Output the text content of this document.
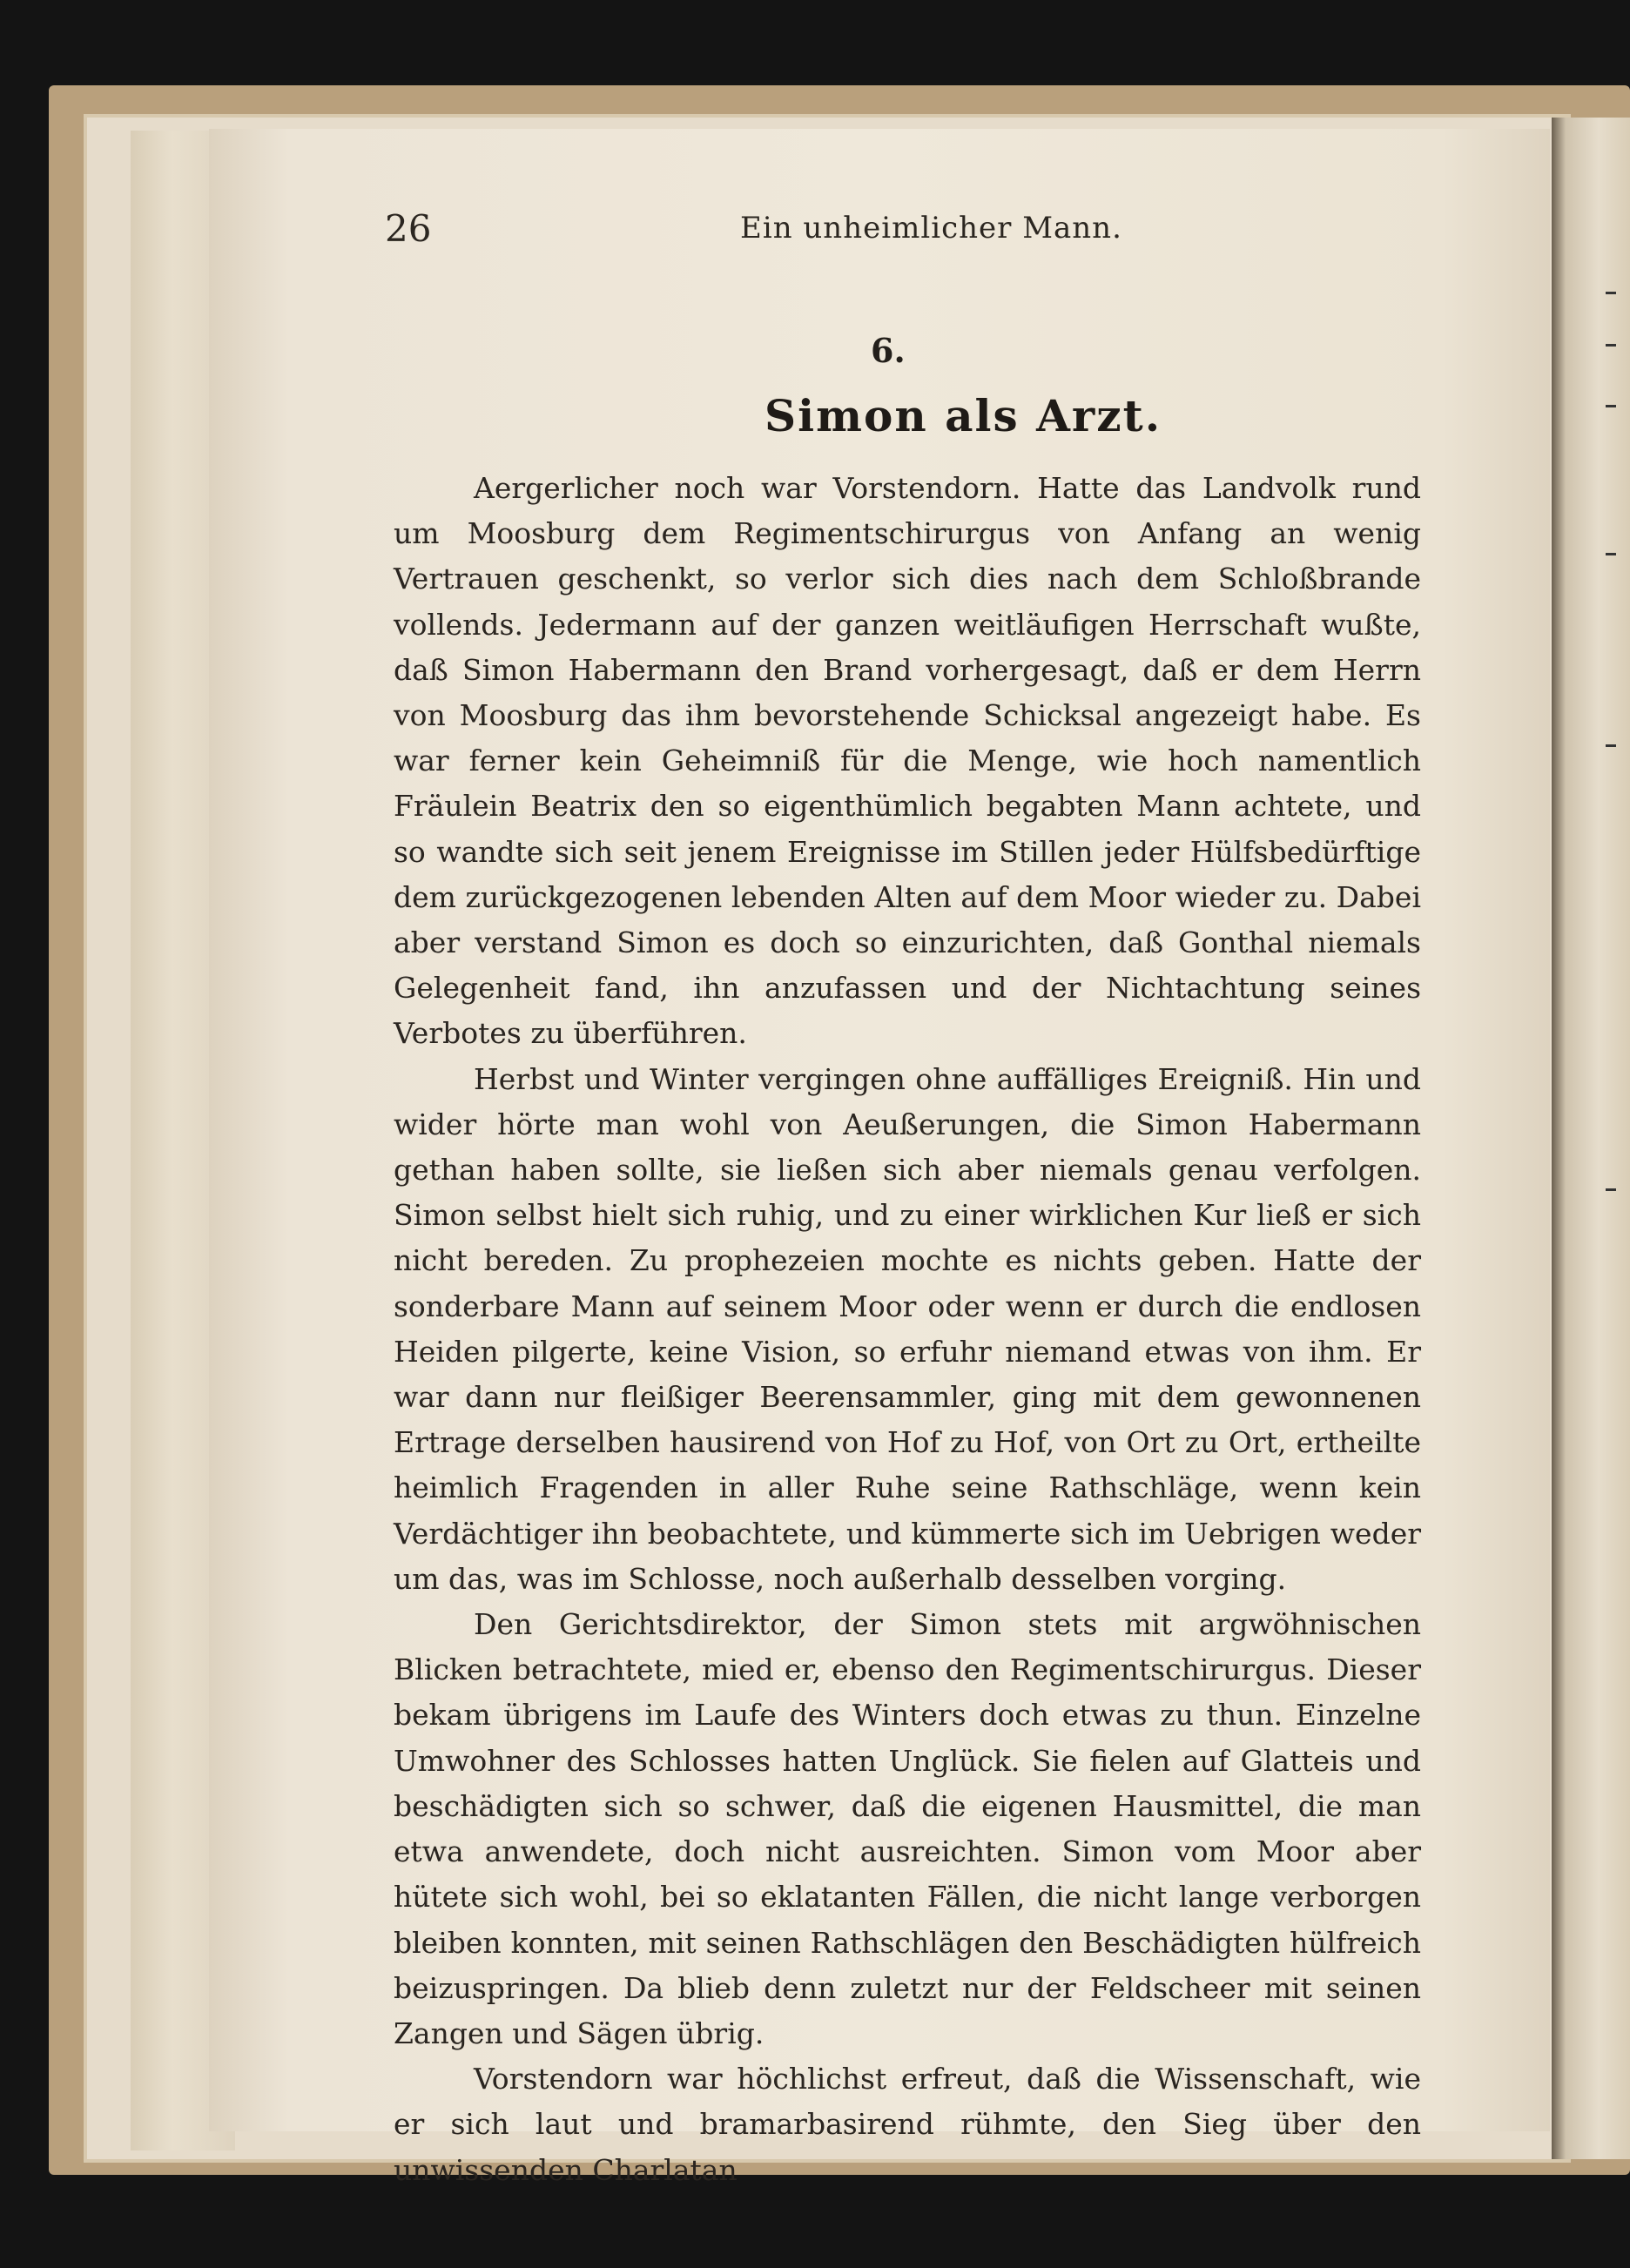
26	Ein unheimlicher Mann.
6.
Simon als Arzt.

Aergerlicher noch war Vorstendorn. Hatte das Landvolk rund um Moosburg dem Regimentschirurgus von Anfang an wenig Vertrauen geschenkt, so verlor sich dies nach dem Schloßbrande vollends. Jedermann auf der ganzen weitläufigen Herrschaft wußte, daß Simon Habermann den Brand vorhergesagt, daß er dem Herrn von Moosburg das ihm bevorstehende Schicksal angezeigt habe. Es war ferner kein Geheimniß für die Menge, wie hoch namentlich Fräulein Beatrix den so eigenthümlich begabten Mann achtete, und so wandte sich seit jenem Ereignisse im Stillen jeder Hülfsbedürftige dem zurückgezogenen lebenden Alten auf dem Moor wieder zu. Dabei aber verstand Simon es doch so einzurichten, daß Gonthal niemals Gelegenheit fand, ihn anzufassen und der Nichtachtung seines Verbotes zu überführen.

Herbst und Winter vergingen ohne auffälliges Ereigniß. Hin und wider hörte man wohl von Aeußerungen, die Simon Habermann gethan haben sollte, sie ließen sich aber niemals genau verfolgen. Simon selbst hielt sich ruhig, und zu einer wirklichen Kur ließ er sich nicht bereden. Zu prophezeien mochte es nichts geben. Hatte der sonderbare Mann auf seinem Moor oder wenn er durch die endlosen Heiden pilgerte, keine Vision, so erfuhr niemand etwas von ihm. Er war dann nur fleißiger Beerensammler, ging mit dem gewonnenen Ertrage derselben hausirend von Hof zu Hof, von Ort zu Ort, ertheilte heimlich Fragenden in aller Ruhe seine Rathschläge, wenn kein Verdächtiger ihn beobachtete, und kümmerte sich im Uebrigen weder um das, was im Schlosse, noch außerhalb desselben vorging.

Den Gerichtsdirektor, der Simon stets mit argwöhnischen Blicken betrachtete, mied er, ebenso den Regimentschirurgus. Dieser bekam übrigens im Laufe des Winters doch etwas zu thun. Einzelne Umwohner des Schlosses hatten Unglück. Sie fielen auf Glatteis und beschädigten sich so schwer, daß die eigenen Hausmittel, die man etwa anwendete, doch nicht ausreichten. Simon vom Moor aber hütete sich wohl, bei so eklatanten Fällen, die nicht lange verborgen bleiben konnten, mit seinen Rathschlägen den Beschädigten hülfreich beizuspringen. Da blieb denn zuletzt nur der Feldscheer mit seinen Zangen und Sägen übrig.

Vorstendorn war höchlichst erfreut, daß die Wissenschaft, wie er sich laut und bramarbasirend rühmte, den Sieg über den unwissenden Charlatan
